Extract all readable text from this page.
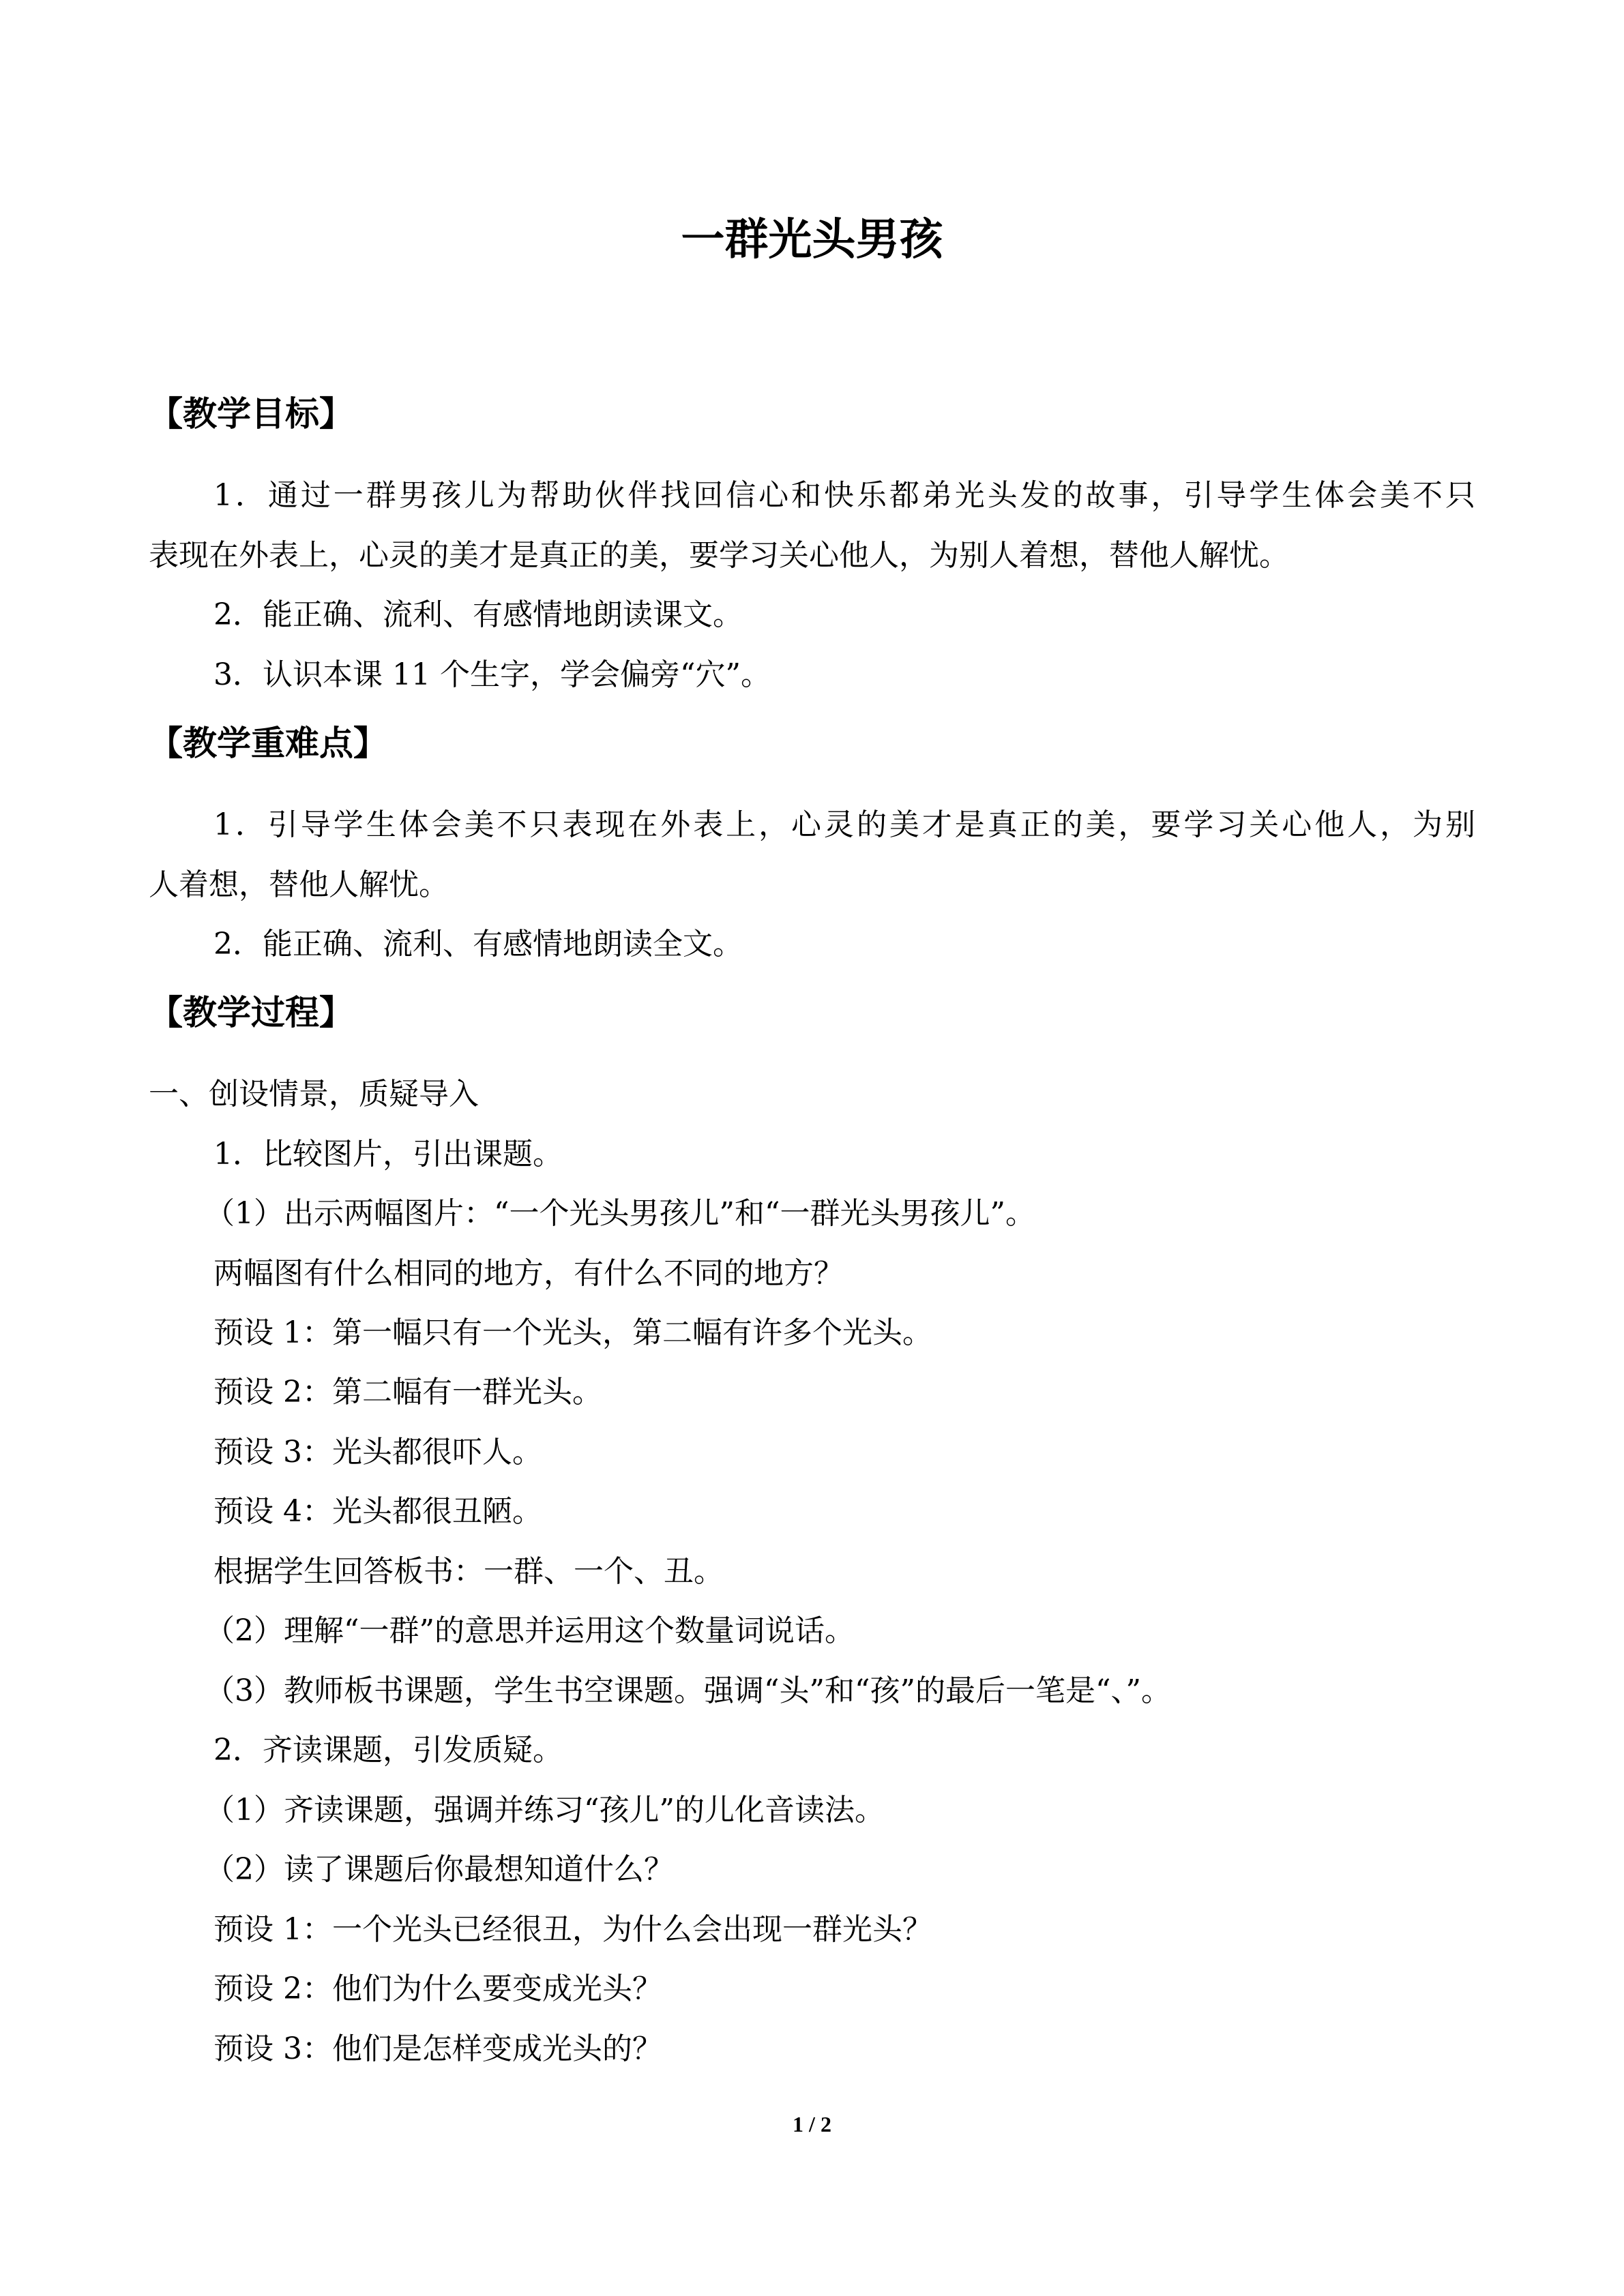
一群光头男孩
【教学目标】
1．通过一群男孩儿为帮助伙伴找回信心和快乐都弟光头发的故事，引导学生体会美不只
表现在外表上，心灵的美才是真正的美，要学习关心他人，为别人着想，替他人解忧。
2．能正确、流利、有感情地朗读课文。
3．认识本课 11 个生字，学会偏旁“穴”。
【教学重难点】
1．引导学生体会美不只表现在外表上，心灵的美才是真正的美，要学习关心他人，为别
人着想，替他人解忧。
2．能正确、流利、有感情地朗读全文。
【教学过程】
一、创设情景，质疑导入
1．比较图片，引出课题。
（1）出示两幅图片：“一个光头男孩儿”和“一群光头男孩儿”。
两幅图有什么相同的地方，有什么不同的地方？
预设 1：第一幅只有一个光头，第二幅有许多个光头。
预设 2：第二幅有一群光头。
预设 3：光头都很吓人。
预设 4：光头都很丑陋。
根据学生回答板书：一群、一个、丑。
（2）理解“一群”的意思并运用这个数量词说话。
（3）教师板书课题，学生书空课题。强调“头”和“孩”的最后一笔是“、”。
2．齐读课题，引发质疑。
（1）齐读课题，强调并练习“孩儿”的儿化音读法。
（2）读了课题后你最想知道什么？
预设 1：一个光头已经很丑，为什么会出现一群光头？
预设 2：他们为什么要变成光头？
预设 3：他们是怎样变成光头的？
1 / 2
